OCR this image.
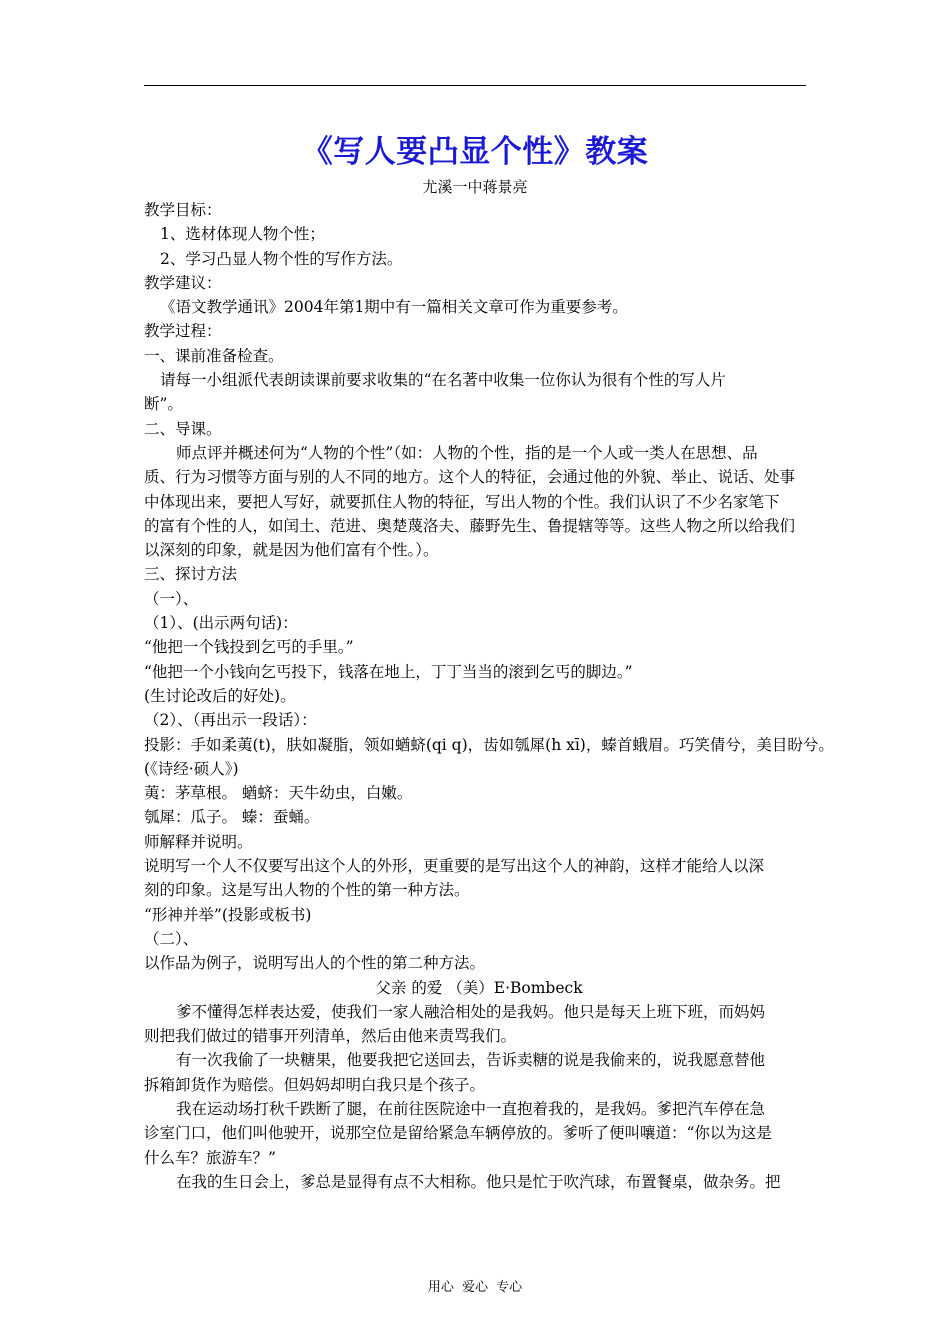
《写人要凸显个性》教案
尤溪一中蒋景亮

教学目标：

1、选材体现人物个性；

2、学习凸显人物个性的写作方法。

教学建议：

《语文教学通讯》2004年第1期中有一篇相关文章可作为重要参考。

教学过程：

一、课前准备检查。

请每一小组派代表朗读课前要求收集的“在名著中收集一位你认为很有个性的写人片

断”。

二、导课。

师点评并概述何为“人物的个性”（如：人物的个性，指的是一个人或一类人在思想、品

质、行为习惯等方面与别的人不同的地方。这个人的特征，会通过他的外貌、举止、说话、处事

中体现出来，要把人写好，就要抓住人物的特征，写出人物的个性。我们认识了不少名家笔下

的富有个性的人，如闰土、范进、奥楚蔑洛夫、藤野先生、鲁提辖等等。这些人物之所以给我们

以深刻的印象，就是因为他们富有个性。）。

三、探讨方法

（一）、

（1）、(出示两句话)：

“他把一个钱投到乞丐的手里。”

“他把一个小钱向乞丐投下，钱落在地上，丁丁当当的滚到乞丐的脚边。”

(生讨论改后的好处)。

（2）、（再出示一段话）：

投影：手如柔荑(t)，肤如凝脂，领如蝤蛴(qi q)，齿如瓠犀(h xī)，螓首蛾眉。巧笑倩兮，美目盼兮。

(《诗经·硕人》)

荑：茅草根。 蝤蛴：天牛幼虫，白嫩。

瓠犀：瓜子。 螓：蚕蛹。

师解释并说明。

说明写一个人不仅要写出这个人的外形，更重要的是写出这个人的神韵，这样才能给人以深

刻的印象。这是写出人物的个性的第一种方法。

“形神并举”(投影或板书)

（二）、

以作品为例子，说明写出人的个性的第二种方法。

父亲 的爱 （美）E·Bombeck

爹不懂得怎样表达爱，使我们一家人融洽相处的是我妈。他只是每天上班下班，而妈妈

则把我们做过的错事开列清单，然后由他来责骂我们。

有一次我偷了一块糖果，他要我把它送回去，告诉卖糖的说是我偷来的，说我愿意替他

拆箱卸货作为赔偿。但妈妈却明白我只是个孩子。

我在运动场打秋千跌断了腿，在前往医院途中一直抱着我的，是我妈。爹把汽车停在急

诊室门口，他们叫他驶开，说那空位是留给紧急车辆停放的。爹听了便叫嚷道：“你以为这是

什么车？旅游车？”

在我的生日会上，爹总是显得有点不大相称。他只是忙于吹汽球，布置餐桌，做杂务。把

用心 爱心 专心
